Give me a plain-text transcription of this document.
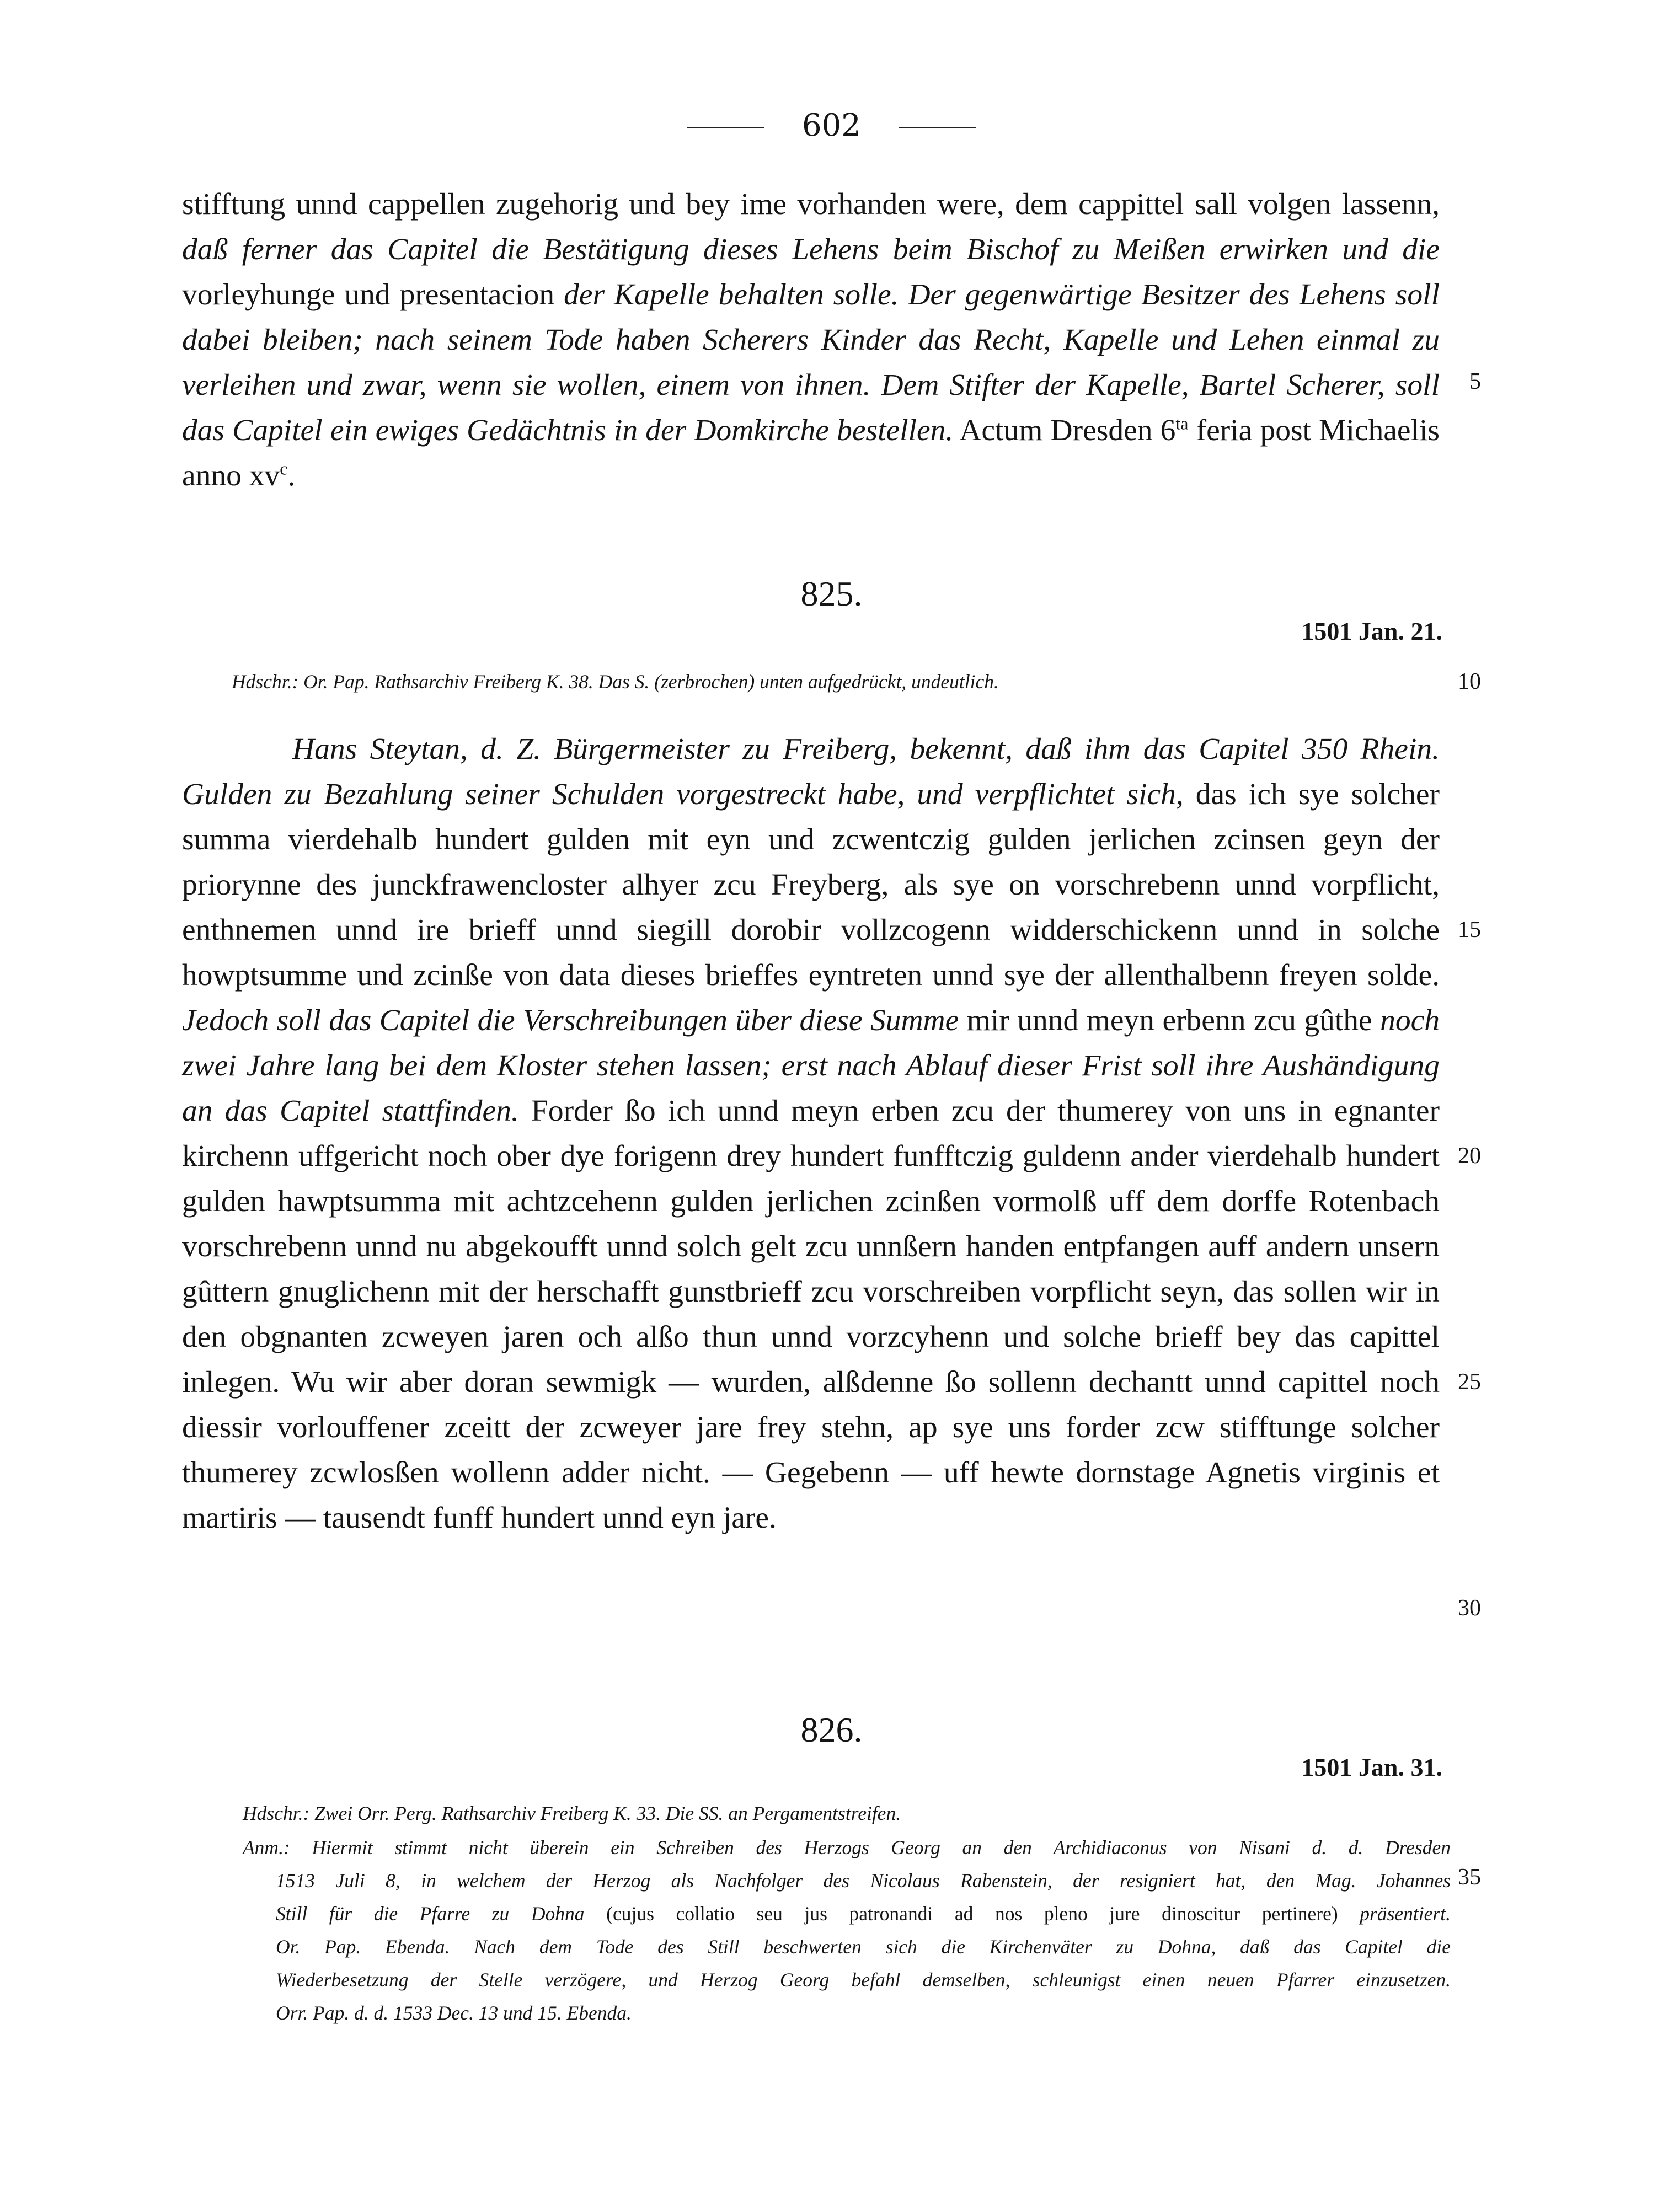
602
stifftung unnd cappellen zugehorig und bey ime vorhanden were, dem cappittel sall volgen lassenn, daß ferner das Capitel die Bestätigung dieses Lehens beim Bischof zu Meißen erwirken und die vorleyhunge und presentacion der Kapelle behalten solle. Der gegenwärtige Besitzer des Lehens soll dabei bleiben; nach seinem Tode haben Scherers Kinder das Recht, Kapelle und Lehen einmal zu verleihen und zwar, wenn sie wollen, einem von ihnen. Dem Stifter der Kapelle, Bartel Scherer, soll das Capitel ein ewiges Gedächtnis in der Domkirche bestellen. Actum Dresden $6^{ta}$ feria post Michaelis anno $xv^c$.
825.
1501 Jan. 21.
Hdschr.: Or. Pap. Rathsarchiv Freiberg K. 38. Das S. (zerbrochen) unten aufgedrückt, undeutlich.
Hans Steytan, d. Z. Bürgermeister zu Freiberg, bekennt, daß ihm das Capitel 350 Rhein. Gulden zu Bezahlung seiner Schulden vorgestreckt habe, und verpflichtet sich, das ich sye solcher summa vierdehalb hundert gulden mit eyn und zcwentczig gulden jerlichen zcinsen geyn der priorynne des junckfrawencloster alhyer zcu Freyberg, als sye on vorschrebenn unnd vorpflicht, enthnemen unnd ire brieff unnd siegill dorobir vollzcogenn widderschickenn unnd in solche howptsumme und zcinße von data dieses brieffes eyntreten unnd sye der allenthalbenn freyen solde. Jedoch soll das Capitel die Verschreibungen über diese Summe mir unnd meyn erbenn zcu gûthe noch zwei Jahre lang bei dem Kloster stehen lassen; erst nach Ablauf dieser Frist soll ihre Aushändigung an das Capitel stattfinden. Forder ßo ich unnd meyn erben zcu der thumerey von uns in egnanter kirchenn uffgericht noch ober dye forigenn drey hundert funfftczig guldenn ander vierdehalb hundert gulden hawptsumma mit achtzcehenn gulden jerlichen zcinßen vormolß uff dem dorffe Rotenbach vorschrebenn unnd nu abgekoufft unnd solch gelt zcu unnßern handen entpfangen auff andern unsern gûttern gnuglichenn mit der herschafft gunstbrieff zcu vorschreiben vorpflicht seyn, das sollen wir in den obgnanten zcweyen jaren och alßo thun unnd vorzcyhenn und solche brieff bey das capittel inlegen. Wu wir aber doran sewmigk — wurden, alßdenne ßo sollenn dechantt unnd capittel noch diessir vorlouffener zceitt der zcweyer jare frey stehn, ap sye uns forder zcw stifftunge solcher thumerey zcwlosßen wollenn adder nicht. — Gegebenn — uff hewte dornstage Agnetis virginis et martiris — tausendt funff hundert unnd eyn jare.
826.
1501 Jan. 31.
Hdschr.: Zwei Orr. Perg. Rathsarchiv Freiberg K. 33. Die SS. an Pergamentstreifen.
Anm.: Hiermit stimmt nicht überein ein Schreiben des Herzogs Georg an den Archidiaconus von Nisani d. d. Dresden
1513 Juli 8, in welchem der Herzog als Nachfolger des Nicolaus Rabenstein, der resigniert hat, den Mag. Johannes
Still für die Pfarre zu Dohna (cujus collatio seu jus patronandi ad nos pleno jure dinoscitur pertinere) präsentiert.
Or. Pap. Ebenda. Nach dem Tode des Still beschwerten sich die Kirchenväter zu Dohna, daß das Capitel die
Wiederbesetzung der Stelle verzögere, und Herzog Georg befahl demselben, schleunigst einen neuen Pfarrer einzusetzen.
Orr. Pap. d. d. 1533 Dec. 13 und 15. Ebenda.
5
10
15
20
25
30
35
